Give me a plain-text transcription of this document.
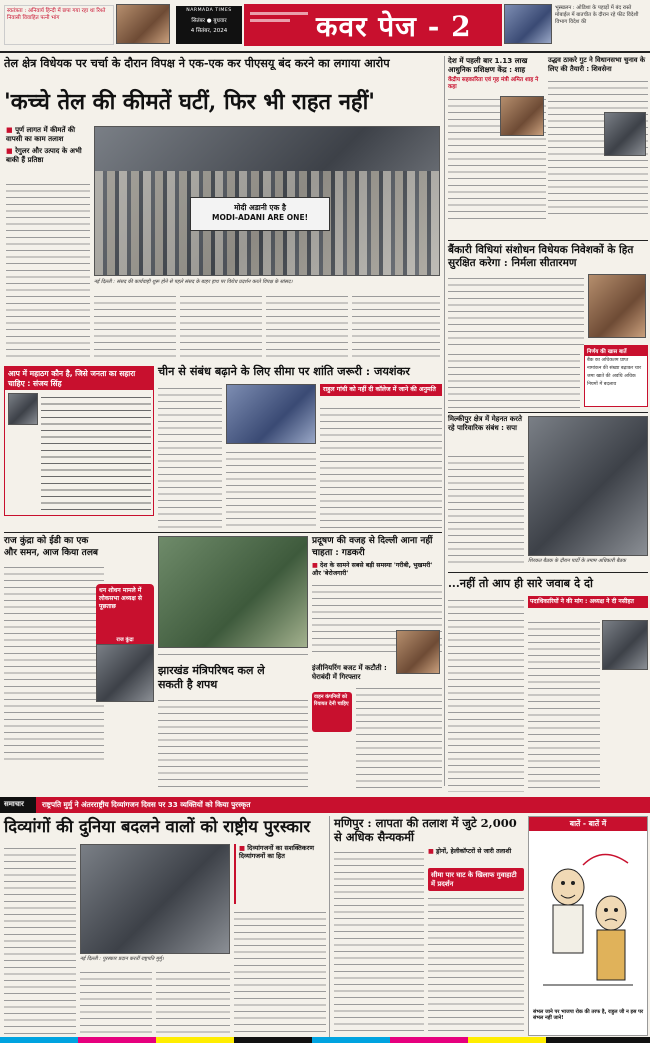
स्वतंत्रता : अनिवार्य हिन्दी में छपा गया रहा था रिश्ते निवासी विवाहित पत्नी भांग
NARMADA TIMES
सितंबर ● बुधवार
4 सितंबर, 2024	कवर पेज - 2
भूस्खलन : ओडिशा के पहाड़ों में बंद रास्ते मोबाईल में बातचीत के दौरान रहे फीट विदेशी विभाग विदेश की
तेल क्षेत्र विधेयक पर चर्चा के दौरान विपक्ष ने एक-एक कर पीएसयू बंद करने का लगाया आरोप
'कच्चे तेल की कीमतें घटीं, फिर भी राहत नहीं'
■ पूर्ण लागत में कीमतें की वापसी का काम तलाश
■ रेगुलर और उत्पाद के अभी बाकी हैं प्रतिष्ठा
मोदी अडानी एक है
MODI-ADANI ARE ONE!
नई दिल्ली : संसद की कार्यवाही शुरू होने से पहले संसद के बाहर हाथ पर विरोध प्रदर्शन करते विपक्ष के सांसद।
देश में पहली बार 1.13 लाख आधुनिक प्रशिक्षण केंद्र : शाह
केंद्रीय सहकारिता एवं गृह मंत्री अमित शाह ने कहा
उद्धव ठाकरे गुट ने विधानसभा चुनाव के लिए की तैयारी : शिवसेना
बैंकारी विधियां संशोधन विधेयक निवेशकों के हित सुरक्षित करेगा : निर्मला सीतारमण
निर्णय की खास बातें
बैंक का अधिकतम प्राप्त
नामांकन की संख्या बढ़ाकर चार
जमा खाते की अवधि अधिक
नियमों में बदलाव
मिल्कीपुर क्षेत्र में मेहनत करते रहे पारिवारिक संबंध : सपा
शिरकत बैठक के दौरान पार्टी के तमाम अधिकारी बैठक
आप में महाठग कौन है, जिसे जनता का सहारा चाहिए : संजय सिंह
चीन से संबंध बढ़ाने के लिए सीमा पर शांति जरूरी : जयशंकर
राहुल गांधी को नहीं दी कॉलेज में जाने की अनुमति
राज कुंद्रा को ईडी का एक और समन, आज किया तलब
धन शोधन मामले में लोकसभा अध्यक्ष से पूछताछ
राज कुंद्रा
झारखंड मंत्रिपरिषद कल ले सकती है शपथ
इंजीनियरिंग बजट में कटौती : घेराबंदी में गिरफ्तार
प्रदूषण की वजह से दिल्ली आना नहीं चाहता : गडकरी
■ देश के सामने सबसे बड़ी समस्या 'गरीबी, भुखमरी' और 'बेरोजगारी'
वाहन कंपनियों को रियायत देनी चाहिए
...नहीं तो आप ही सारे जवाब दे दो
पदाधिकारियों ने की मांग : अध्यक्ष ने दी नसीहत
समाचार	राष्ट्रपति मुर्मु ने अंतरराष्ट्रीय दिव्यांगजन दिवस पर 33 व्यक्तियों को किया पुरस्कृत
दिव्यांगों की दुनिया बदलने वालों को राष्ट्रीय पुरस्कार
नई दिल्ली : पुरस्कार प्रदान करतीं राष्ट्रपति मुर्मु।
■ दिव्यांगजनों का सशक्तिकरण दिव्यांगजनों का हित
मणिपुर : लापता की तलाश में जुटे 2,000 से अधिक सैन्यकर्मी
■ ड्रोनों, हेलीकॉप्टरों से जारी तलाशी
सीमा पार घाट के खिलाफ गुवाहाटी में प्रदर्शन
बातें - बातें में
संभल जाने पर भाजपा रोक की तरफ है, राहुल जी न इस पर संभल नहीं जाने!
